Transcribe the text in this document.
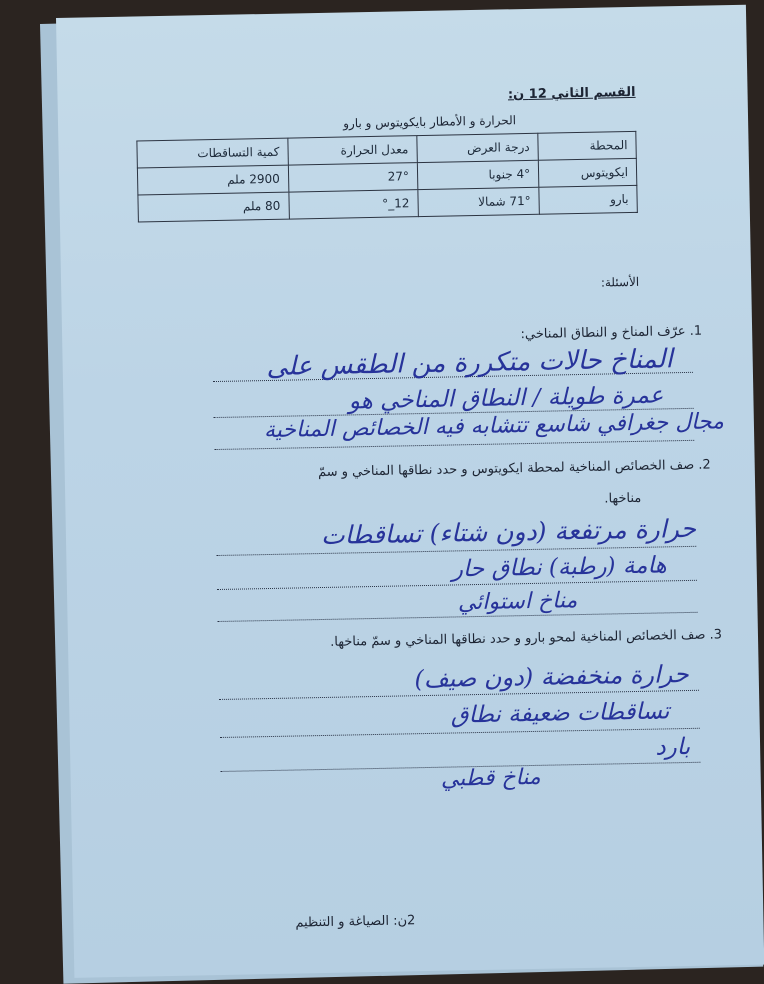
القسم الثاني 12 ن:
الحرارة و الأمطار بايكويتوس و بارو
المحطة	درجة العرض	معدل الحرارة	كمية التساقطات
ايكويتوس	4° جنوبا	27°	2900 ملم
بارو	71° شمالا	12_°	80 ملم
الأسئلة:
1. عرّف المناخ و النطاق المناخي:
المناخ حالات متكررة من الطقس على
عمرة طويلة / النطاق المناخي هو
مجال جغرافي شاسع تتشابه فيه الخصائص المناخية
2. صف الخصائص المناخية لمحطة ايكويتوس و حدد نطاقها المناخي و سمّ
مناخها.
حرارة مرتفعة (دون شتاء) تساقطات
هامة (رطبة) نطاق حار
مناخ استوائي
3. صف الخصائص المناخية لمحو بارو و حدد نطاقها المناخي و سمّ مناخها.
حرارة منخفضة (دون صيف)
تساقطات ضعيفة نطاق
بارد
مناخ قطبي
2ن: الصياغة و التنظيم
